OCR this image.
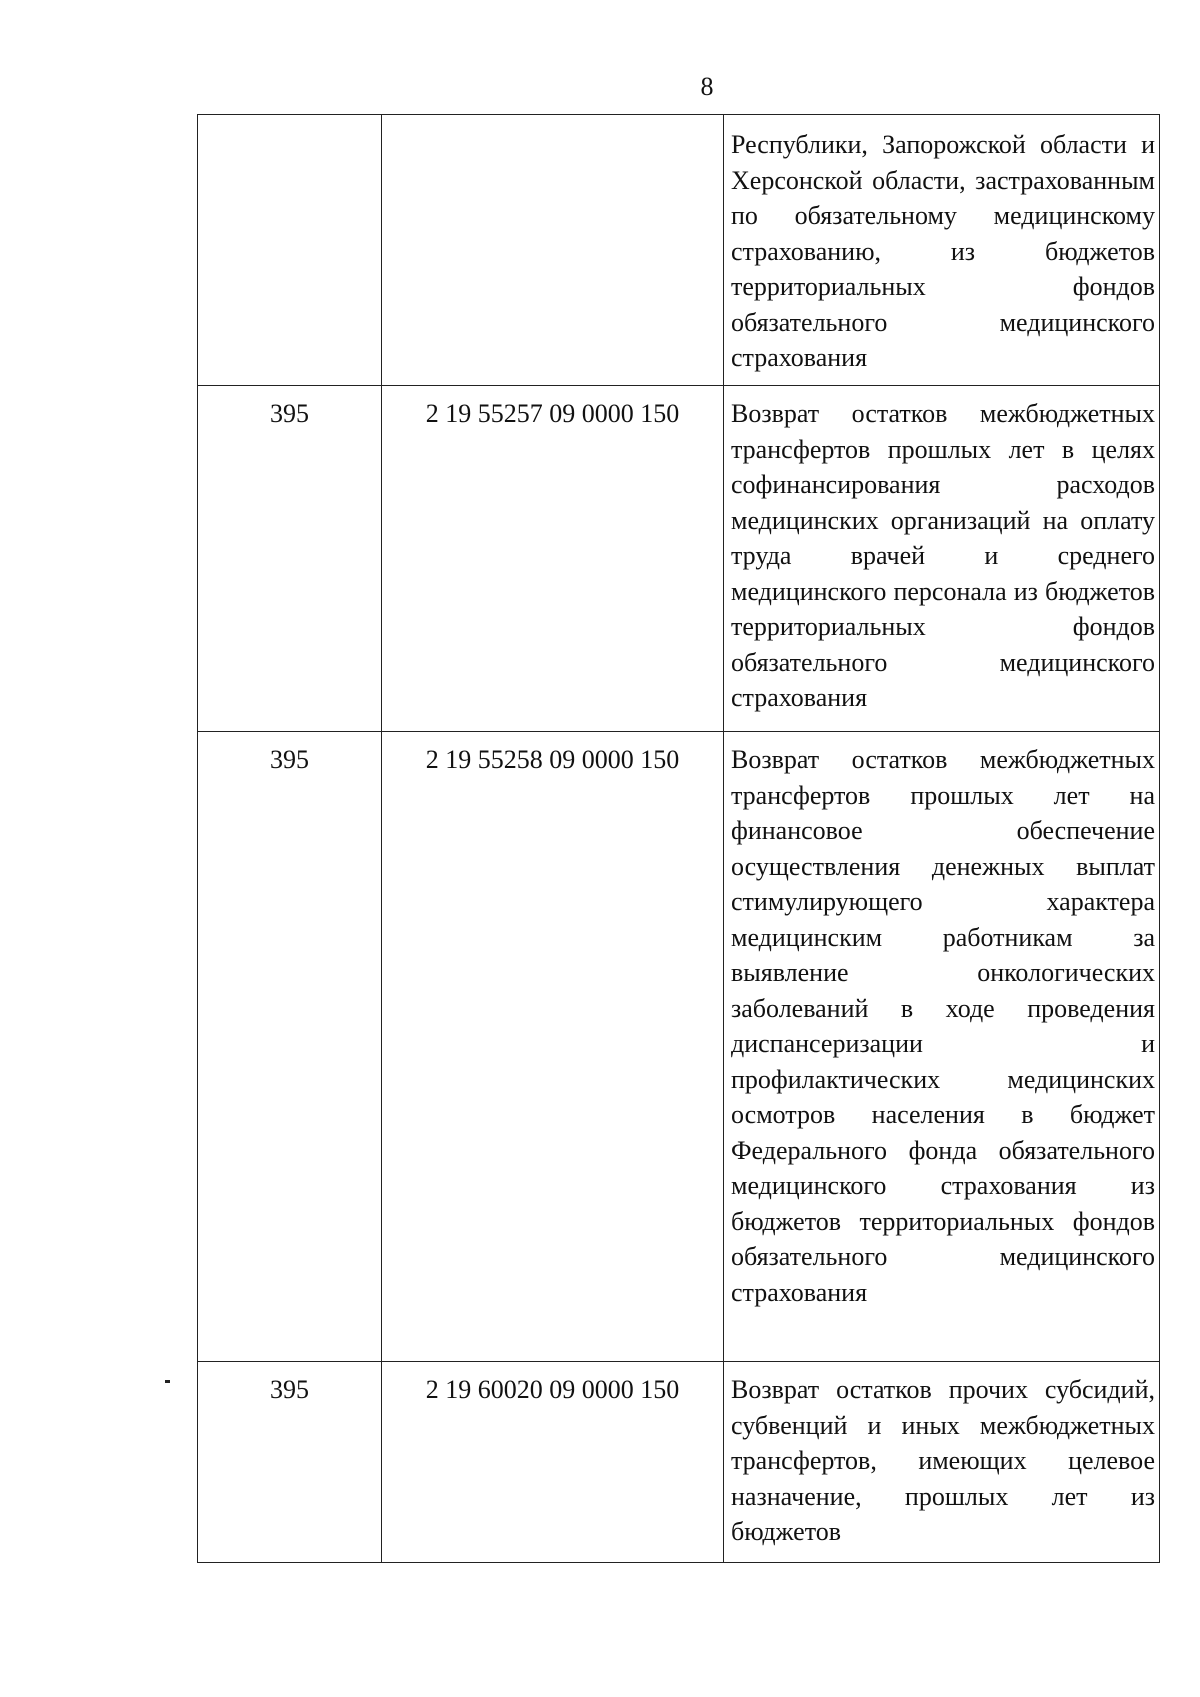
8
		Республики, Запорожской области и Херсонской области, застрахованным по обязательному медицинскому страхованию, из бюджетов территориальных фондов обязательного медицинского страхования
395	2 19 55257 09 0000 150	Возврат остатков межбюджетных трансфертов прошлых лет в целях софинансирования расходов медицинских организаций на оплату труда врачей и среднего медицинского персонала из бюджетов территориальных фондов обязательного медицинского страхования
395	2 19 55258 09 0000 150	Возврат остатков межбюджетных трансфертов прошлых лет на финансовое обеспечение осуществления денежных выплат стимулирующего характера медицинским работникам за выявление онкологических заболеваний в ходе проведения диспансеризации и профилактических медицинских осмотров населения в бюджет Федерального фонда обязательного медицинского страхования из бюджетов территориальных фондов обязательного медицинского страхования
395	2 19 60020 09 0000 150	Возврат остатков прочих субсидий, субвенций и иных межбюджетных трансфертов, имеющих целевое назначение, прошлых лет из бюджетов
